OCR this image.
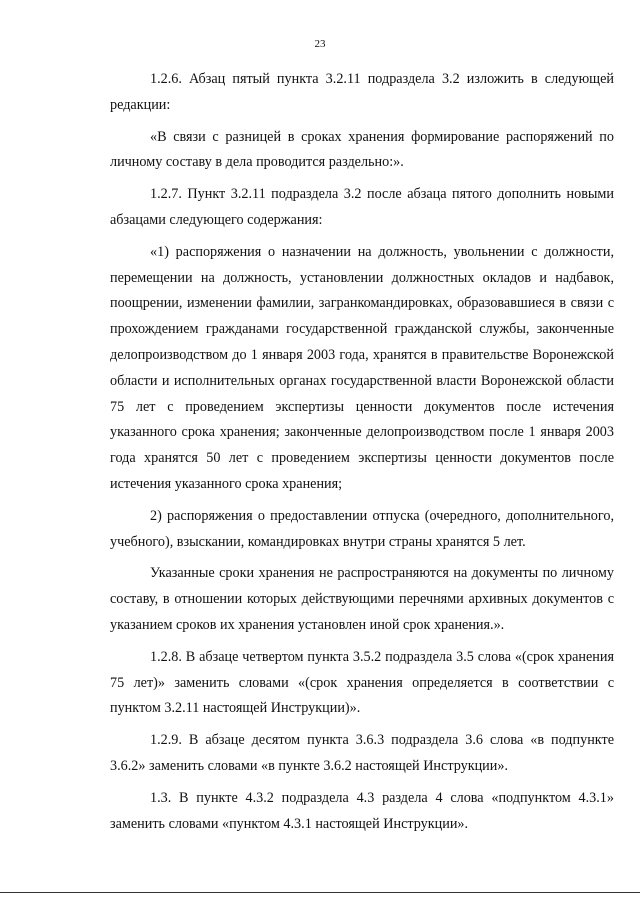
23

1.2.6. Абзац пятый пункта 3.2.11 подраздела 3.2 изложить в следующей редакции:

«В связи с разницей в сроках хранения формирование распоряжений по личному составу в дела проводится раздельно:».

1.2.7. Пункт 3.2.11 подраздела 3.2 после абзаца пятого дополнить новыми абзацами следующего содержания:

«1) распоряжения о назначении на должность, увольнении с должности, перемещении на должность, установлении должностных окладов и надбавок, поощрении, изменении фамилии, загранкомандировках, образовавшиеся в связи с прохождением гражданами государственной гражданской службы, законченные делопроизводством до 1 января 2003 года, хранятся в правительстве Воронежской области и исполнительных органах государственной власти Воронежской области 75 лет с проведением экспертизы ценности документов после истечения указанного срока хранения; законченные делопроизводством после 1 января 2003 года хранятся 50 лет с проведением экспертизы ценности документов после истечения указанного срока хранения;

2) распоряжения о предоставлении отпуска (очередного, дополнительного, учебного), взыскании, командировках внутри страны хранятся 5 лет.

Указанные сроки хранения не распространяются на документы по личному составу, в отношении которых действующими перечнями архивных документов с указанием сроков их хранения установлен иной срок хранения.».

1.2.8. В абзаце четвертом пункта 3.5.2 подраздела 3.5 слова «(срок хранения 75 лет)» заменить словами «(срок хранения определяется в соответствии с пунктом 3.2.11 настоящей Инструкции)».

1.2.9. В абзаце десятом пункта 3.6.3 подраздела 3.6 слова «в подпункте 3.6.2» заменить словами «в пункте 3.6.2 настоящей Инструкции».

1.3. В пункте 4.3.2 подраздела 4.3 раздела 4 слова «подпунктом 4.3.1» заменить словами «пунктом 4.3.1 настоящей Инструкции».
